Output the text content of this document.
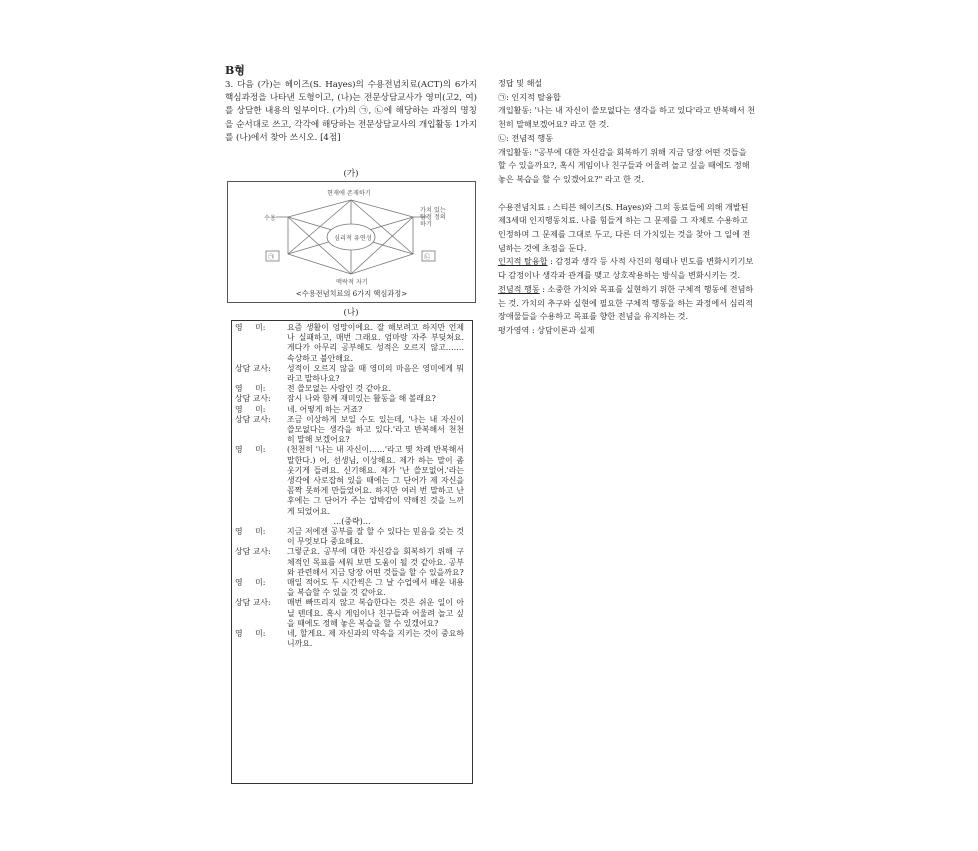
B형
3. 다음 (가)는 헤이즈(S. Hayes)의 수용전념치료(ACT)의 6가지 핵심과정을 나타낸 도형이고, (나)는 전문상담교사가 영미(고2, 여)를 상담한 내용의 일부이다. (가)의 ㉠, ㉡에 해당하는 과정의 명칭을 순서대로 쓰고, 각각에 해당하는 전문상담교사의 개입활동 1가지를 (나)에서 찾아 쓰시오. [4점]
(가)
현재에 존재하기
수용
가치 있는 탐정 정의하기
심리적 유연성
맥락적 자기
㉠	㉡
<수용전념치료의 6가지 핵심과정>
(나)
영     미:	요즘 생활이 엉망이에요. 잘 해보려고 하지만 언제나 실패하고, 매번 그래요. 엄마랑 자주 부딪쳐요. 게다가 아무리 공부해도 성적은 오르지 않고……. 속상하고 불안해요.
상담 교사:	성적이 오르지 않을 때 영미의 마음은 영미에게 뭐라고 말하나요?
영     미:	전 쓸모없는 사람인 것 같아요.
상담 교사:	잠시 나와 함께 재미있는 활동을 해 볼래요?
영     미:	네. 어떻게 하는 거죠?
상담 교사:	조금 이상하게 보일 수도 있는데, '나는 내 자신이 쓸모없다는 생각을 하고 있다.'라고 반복해서 천천히 말해 보겠어요?
영     미:	(천천히 '나는 내 자신이……'라고 몇 차례 반복해서 말한다.) 어, 선생님, 이상해요. 제가 하는 말이 좀 웃기게 들려요. 신기해요. 제가 '난 쓸모없어.'라는 생각에 사로잡혀 있을 때에는 그 단어가 제 자신을 꼼짝 못하게 만들었어요. 하지만 여러 번 말하고 난 후에는 그 단어가 주는 압박감이 약해진 것을 느끼게 되었어요.
…(중략)…
영     미:	지금 저에겐 공부를 잘 할 수 있다는 믿음을 갖는 것이 무엇보다 중요해요.
상담 교사:	그렇군요. 공부에 대한 자신감을 회복하기 위해 구체적인 목표를 세워 보면 도움이 될 것 같아요. 공부와 관련해서 지금 당장 어떤 것들을 할 수 있을까요?
영     미:	매일 적어도 두 시간씩은 그 날 수업에서 배운 내용을 복습할 수 있을 것 같아요.
상담 교사:	매번 빠뜨리지 않고 복습한다는 것은 쉬운 일이 아닐 텐데요. 혹시 게임이나 친구들과 어울려 놀고 싶을 때에도 정해 놓은 복습을 할 수 있겠어요?
영     미:	네, 할게요. 제 자신과의 약속을 지키는 것이 중요하니까요.

정답 및 해설

㉠: 인지적 탈융합

개입활동: '나는 내 자신이 쓸모없다는 생각을 하고 있다'라고 반복해서 천천히 말해보겠어요? 라고 한 것.

㉡: 전념적 행동

개입활동: "공부에 대한 자신감을 회복하기 위해 지금 당장 어떤 것들을 할 수 있을까요?, 혹시 게임이나 친구들과 어울려 놀고 싶을 때에도 정해 놓은 복습을 할 수 있겠어요?" 라고 한 것.

수용전념치료 : 스티븐 헤이즈(S. Hayes)와 그의 동료들에 의해 개발된 제3세대 인지행동치료. 나를 힘들게 하는 그 문제를 그 자체로 수용하고 인정하며 그 문제를 그대로 두고, 다른 더 가치있는 것을 찾아 그 일에 전념하는 것에 초점을 둔다.

인지적 탈융합 : 감정과 생각 등 사적 사건의 형태나 빈도를 변화시키기보다 감정이나 생각과 관계를 맺고 상호작용하는 방식을 변화시키는 것.

전념적 행동 : 소중한 가치와 목표를 실현하기 위한 구체적 행동에 전념하는 것. 가치의 추구와 실현에 필요한 구체적 행동을 하는 과정에서 심리적 장애물들을 수용하고 목표를 향한 전념을 유지하는 것.

평가영역 : 상담이론과 실제
